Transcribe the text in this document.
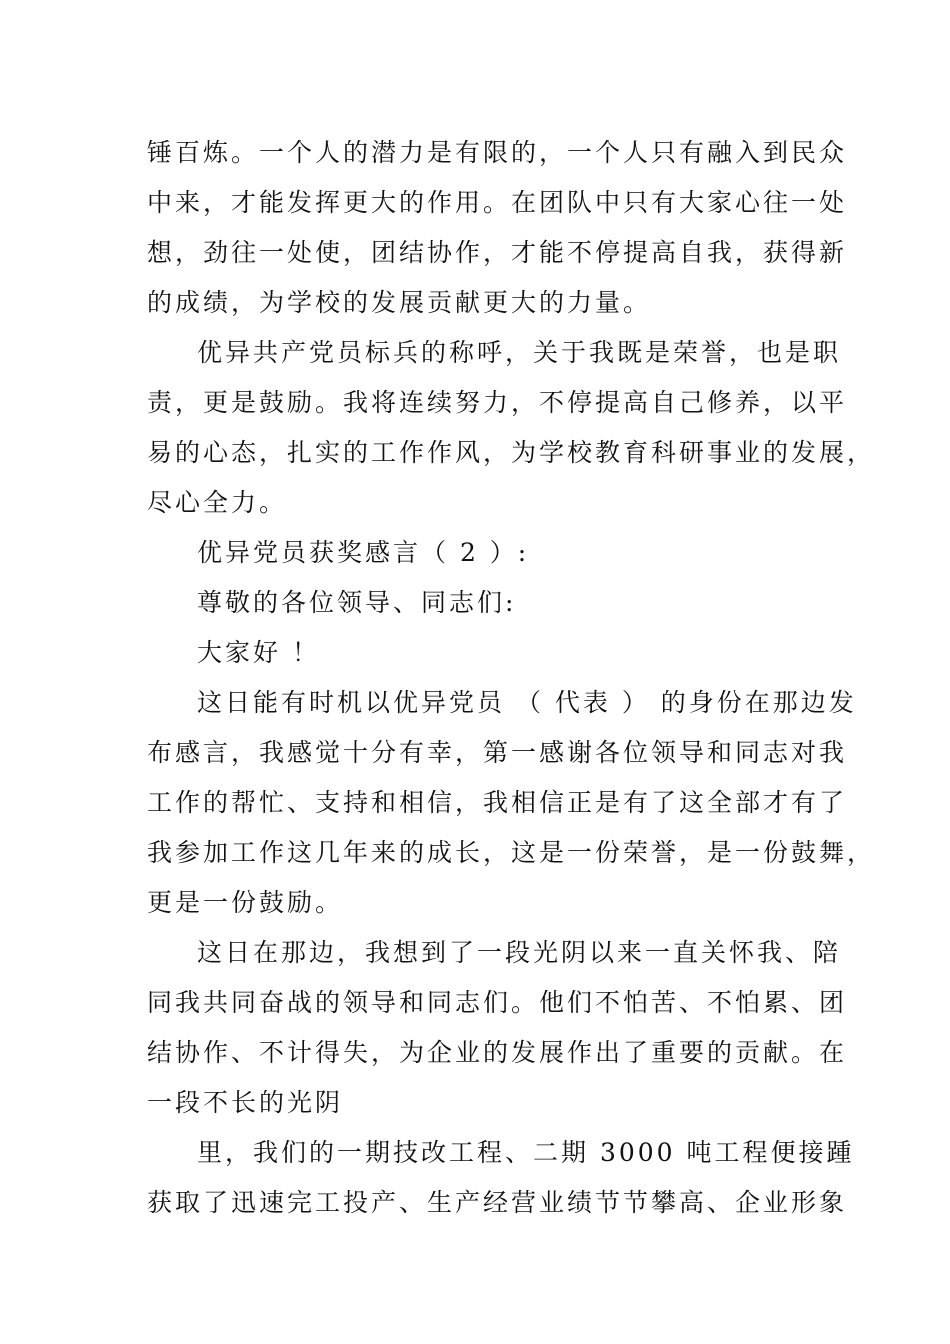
锤百炼。一个人的潜力是有限的，一个人只有融入到民众
中来，才能发挥更大的作用。在团队中只有大家心往一处
想，劲往一处使，团结协作，才能不停提高自我，获得新
的成绩，为学校的发展贡献更大的力量。
优异共产党员标兵的称呼，关于我既是荣誉，也是职
责，更是鼓励。我将连续努力，不停提高自己修养，以平
易的心态，扎实的工作作风，为学校教育科研事业的发展，
尽心全力。
优异党员获奖感言（ 2 ）:
尊敬的各位领导、同志们:
大家好 ！
这日能有时机以优异党员 （ 代表 ） 的身份在那边发
布感言，我感觉十分有幸，第一感谢各位领导和同志对我
工作的帮忙、支持和相信，我相信正是有了这全部才有了
我参加工作这几年来的成长，这是一份荣誉，是一份鼓舞，
更是一份鼓励。
这日在那边，我想到了一段光阴以来一直关怀我、陪
同我共同奋战的领导和同志们。他们不怕苦、不怕累、团
结协作、不计得失，为企业的发展作出了重要的贡献。在
一段不长的光阴
里，我们的一期技改工程、二期 3000 吨工程便接踵
获取了迅速完工投产、生产经营业绩节节攀高、企业形象
